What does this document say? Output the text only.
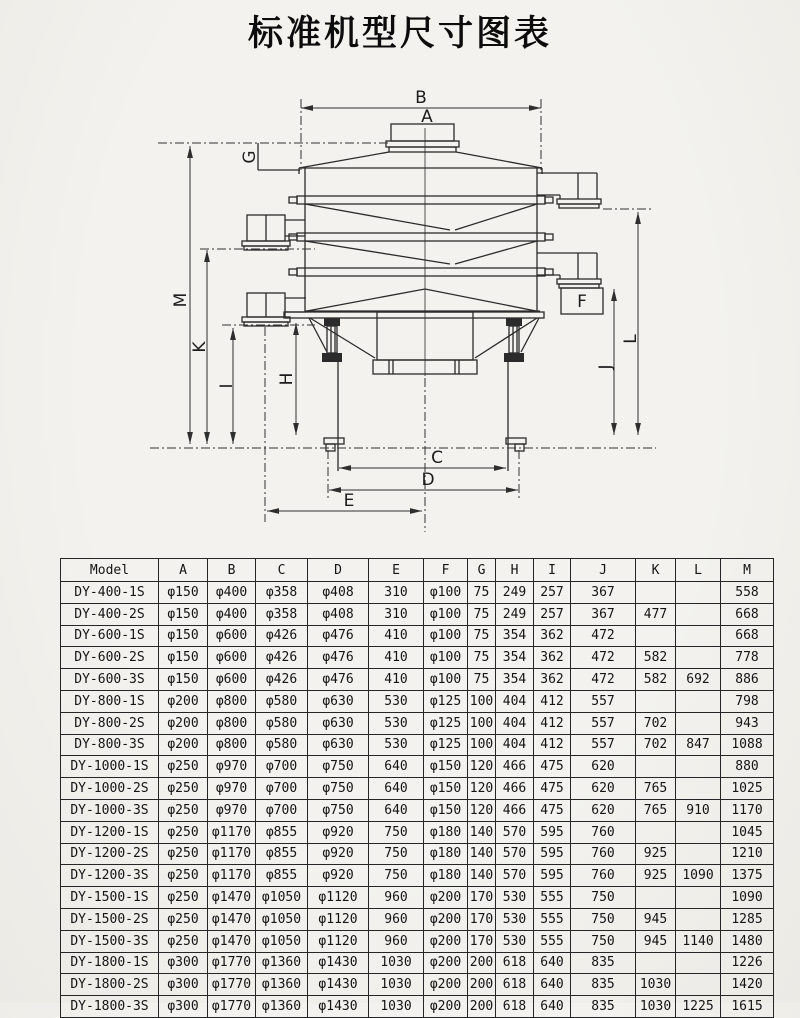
标准机型尺寸图表
B
A
G
M
K
I
H
J
L
F
C
D
E
Model	A	B	C	D	E	F	G	H	I	J	K	L	M
DY-400-1S	φ150	φ400	φ358	φ408	310	φ100	75	249	257	367			558
DY-400-2S	φ150	φ400	φ358	φ408	310	φ100	75	249	257	367	477		668
DY-600-1S	φ150	φ600	φ426	φ476	410	φ100	75	354	362	472			668
DY-600-2S	φ150	φ600	φ426	φ476	410	φ100	75	354	362	472	582		778
DY-600-3S	φ150	φ600	φ426	φ476	410	φ100	75	354	362	472	582	692	886
DY-800-1S	φ200	φ800	φ580	φ630	530	φ125	100	404	412	557			798
DY-800-2S	φ200	φ800	φ580	φ630	530	φ125	100	404	412	557	702		943
DY-800-3S	φ200	φ800	φ580	φ630	530	φ125	100	404	412	557	702	847	1088
DY-1000-1S	φ250	φ970	φ700	φ750	640	φ150	120	466	475	620			880
DY-1000-2S	φ250	φ970	φ700	φ750	640	φ150	120	466	475	620	765		1025
DY-1000-3S	φ250	φ970	φ700	φ750	640	φ150	120	466	475	620	765	910	1170
DY-1200-1S	φ250	φ1170	φ855	φ920	750	φ180	140	570	595	760			1045
DY-1200-2S	φ250	φ1170	φ855	φ920	750	φ180	140	570	595	760	925		1210
DY-1200-3S	φ250	φ1170	φ855	φ920	750	φ180	140	570	595	760	925	1090	1375
DY-1500-1S	φ250	φ1470	φ1050	φ1120	960	φ200	170	530	555	750			1090
DY-1500-2S	φ250	φ1470	φ1050	φ1120	960	φ200	170	530	555	750	945		1285
DY-1500-3S	φ250	φ1470	φ1050	φ1120	960	φ200	170	530	555	750	945	1140	1480
DY-1800-1S	φ300	φ1770	φ1360	φ1430	1030	φ200	200	618	640	835			1226
DY-1800-2S	φ300	φ1770	φ1360	φ1430	1030	φ200	200	618	640	835	1030		1420
DY-1800-3S	φ300	φ1770	φ1360	φ1430	1030	φ200	200	618	640	835	1030	1225	1615
